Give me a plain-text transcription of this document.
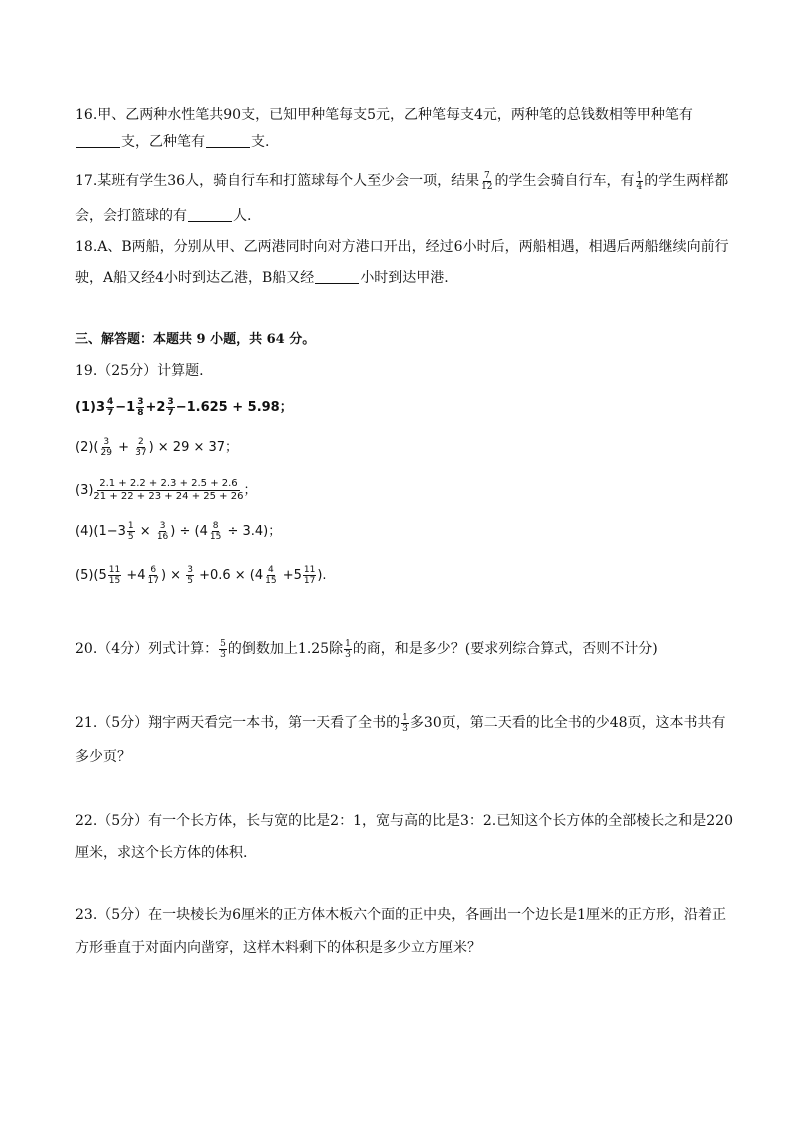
16.甲、乙两种水性笔共90支，已知甲种笔每支5元，乙种笔每支4元，两种笔的总钱数相等甲种笔有
支，乙种笔有	支.
17.某班有学生36人，骑自行车和打篮球每个人至少会一项，结果 $\frac{7}{12}$ 的学生会骑自行车，有 $\frac{1}{4}$ 的学生两样都
会，会打篮球的有	人.
18.A、B两船，分别从甲、乙两港同时向对方港口开出，经过6小时后，两船相遇，相遇后两船继续向前行
驶，A船又经4小时到达乙港，B船又经	小时到达甲港.
三、解答题：本题共 9 小题，共 64 分。
19.（25分）计算题.
$(1)3 \frac{4}{7} -1 \frac{3}{8} +2 \frac{3}{7} -1.625 + 5.98$；
$(2)( \frac{3}{29} + \frac{2}{37}$ ) × 29 × 37；
$(3) \frac{2.1 + 2.2 + 2.3 + 2.5 + 2.6}{21 + 22 + 23 + 24 + 25 + 26}$ ；
$(4)(1-3 \frac{1}{5} \times \frac{3}{16}$ ) ÷ $(4 \frac{8}{15} \div 3.4)$；
$(5)(5 \frac{11}{15} +4 \frac{6}{17}$ ) × $\frac{3}{5} +0.6 \times (4 \frac{4}{15} +5 \frac{11}{17}$ ).
20.（4分）列式计算： $\frac{5}{3}$ 的倒数加上1.25除 $\frac{1}{3}$ 的商，和是多少？(要求列综合算式，否则不计分)
21.（5分）翔宇两天看完一本书，第一天看了全书的 $\frac{1}{3}$ 多30页，第二天看的比全书的少48页，这本书共有
多少页？
22.（5分）有一个长方体，长与宽的比是2：1，宽与高的比是3：2.已知这个长方体的全部棱长之和是220
厘米，求这个长方体的体积.
23.（5分）在一块棱长为6厘米的正方体木板六个面的正中央，各画出一个边长是1厘米的正方形，沿着正
方形垂直于对面内向凿穿，这样木料剩下的体积是多少立方厘米？
